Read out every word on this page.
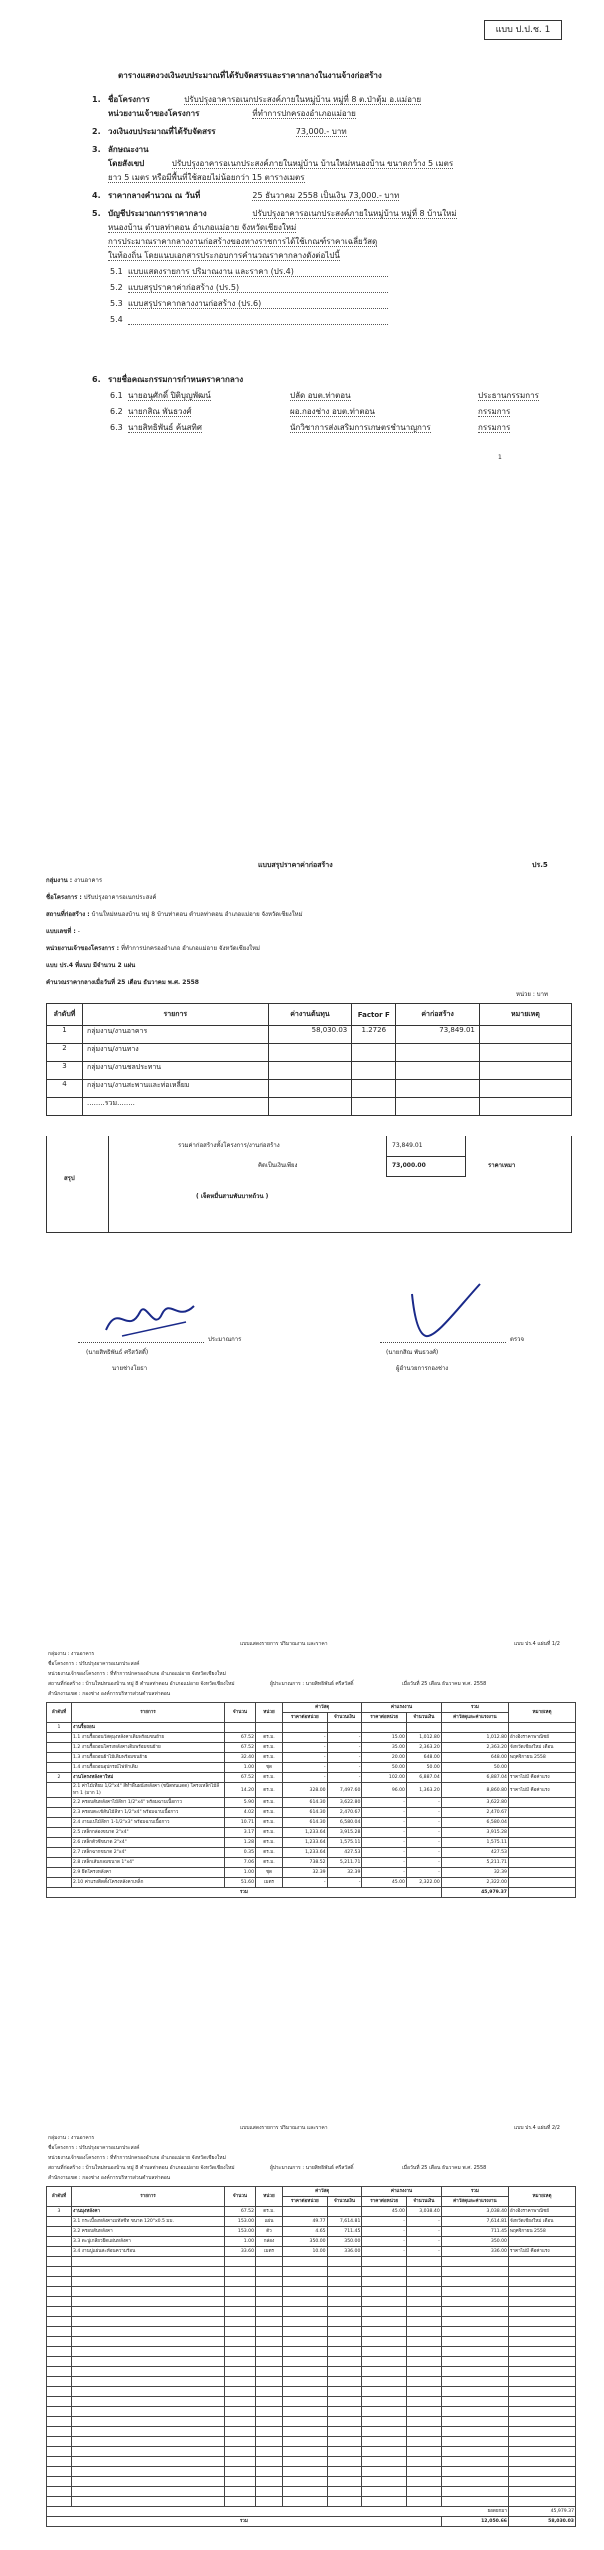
แบบ ป.ป.ช. 1
ตารางแสดงวงเงินงบประมาณที่ได้รับจัดสรรและราคากลางในงานจ้างก่อสร้าง
1. ชื่อโครงการ	ปรับปรุงอาคารอเนกประสงค์ภายในหมู่บ้าน หมู่ที่ 8 ต.ป่าตุ้ม อ.แม่อาย
หน่วยงานเจ้าของโครงการ	ที่ทำการปกครองอำเภอแม่อาย
2. วงเงินงบประมาณที่ได้รับจัดสรร	73,000.- บาท
3. ลักษณะงาน
โดยสังเขป	ปรับปรุงอาคารอเนกประสงค์ภายในหมู่บ้าน บ้านใหม่หนองบ้าน ขนาดกว้าง 5 เมตร
ยาว 5 เมตร หรือมีพื้นที่ใช้สอยไม่น้อยกว่า 15 ตารางเมตร
4. ราคากลางคำนวณ ณ วันที่	25 ธันวาคม 2558 เป็นเงิน 73,000.- บาท
5. บัญชีประมาณการราคากลาง	ปรับปรุงอาคารอเนกประสงค์ภายในหมู่บ้าน หมู่ที่ 8 บ้านใหม่
หนองบ้าน ตำบลท่าตอน อำเภอแม่อาย จังหวัดเชียงใหม่
การประมาณราคากลางงานก่อสร้างของทางราชการได้ใช้เกณฑ์ราคาเฉลี่ยวัสดุ
ในท้องถิ่น โดยแนบเอกสารประกอบการคำนวณราคากลางดังต่อไปนี้
5.1 แบบแสดงรายการ ปริมาณงาน และราคา (ปร.4)
5.2 แบบสรุปราคาค่าก่อสร้าง (ปร.5)
5.3 แบบสรุปราคากลางงานก่อสร้าง (ปร.6)
5.4

6. รายชื่อคณะกรรมการกำหนดราคากลาง
6.1 นายอนุศักดิ์ ปิติบุญพัฒน์	ปลัด อบต.ท่าตอน	ประธานกรรมการ
6.2 นายกสิณ พันธวงศ์	ผอ.กองช่าง อบต.ท่าตอน	กรรมการ
6.3 นายสิทธิพันธ์ ค้นสทิศ	นักวิชาการส่งเสริมการเกษตรชำนาญการ	กรรมการ
1
แบบสรุปราคาค่าก่อสร้าง	ปร.5
กลุ่มงาน : งานอาคาร
ชื่อโครงการ : ปรับปรุงอาคารอเนกประสงค์
สถานที่ก่อสร้าง : บ้านใหม่หนองบ้าน หมู่ 8 บ้านท่าตอน ตำบลท่าตอน อำเภอแม่อาย จังหวัดเชียงใหม่
แบบเลขที่ : -
หน่วยงานเจ้าของโครงการ : ที่ทำการปกครองอำเภอ อำเภอแม่อาย จังหวัดเชียงใหม่
แบบ ปร.4 ที่แนบ มีจำนวน 2 แผ่น
คำนวณราคากลางเมื่อวันที่ 25 เดือน ธันวาคม พ.ศ. 2558
หน่วย : บาท
ลำดับที่	รายการ	ค่างานต้นทุน	Factor F	ค่าก่อสร้าง	หมายเหตุ
1	กลุ่มงาน/งานอาคาร	58,030.03	1.2726	73,849.01	
2	กลุ่มงาน/งานทาง				
3	กลุ่มงาน/งานชลประทาน				
4	กลุ่มงาน/งานสะพานและท่อเหลี่ยม				
	........รวม........				
รวมค่าก่อสร้างทั้งโครงการ/งานก่อสร้าง	73,849.01
คิดเป็นเงินเพียง	73,000.00	ราคาเหมา
สรุป
( เจ็ดหมื่นสามพันบาทถ้วน )
ประมาณการ
(นายสิทธิพันธ์ ศรีสวัสดิ์)
นายช่างโยธา
ตรวจ
(นายกสิณ พันธวงศ์)
ผู้อำนวยการกองช่าง
แบบแสดงรายการ ปริมาณงาน และราคา	แบบ ปร.4 แผ่นที่ 1/2
กลุ่มงาน : งานอาคาร
ชื่อโครงการ : ปรับปรุงอาคารอเนกประสงค์
หน่วยงานเจ้าของโครงการ : ที่ทำการปกครองอำเภอ อำเภอแม่อาย จังหวัดเชียงใหม่
สถานที่ก่อสร้าง : บ้านใหม่หนองบ้าน หมู่ 8 ตำบลท่าตอน อำเภอแม่อาย จังหวัดเชียงใหม่	ผู้ประมาณการ : นายสิทธิพันธ์ ศรีสวัสดิ์	เมื่อวันที่ 25 เดือน ธันวาคม พ.ศ. 2558
สำนักงานเขต : กองช่าง องค์การบริหารส่วนตำบลท่าตอน
ลำดับที่	รายการ	จำนวน	หน่วย	ค่าวัสดุ		ค่าแรงงาน		รวม	หมายเหตุ
				ราคาต่อหน่วย	จำนวนเงิน	ราคาต่อหน่วย	จำนวนเงิน	ค่าวัสดุและค่าแรงงาน	
1	งานรื้อถอน								
	1.1 งานรื้อถอนวัสดุมุงหลังคาเดิมพร้อมขนย้าย	67.52	ตร.ม.	-	-	15.00	1,012.80	1,012.80	อ้างอิงราคาพาณิชย์
	1.2 งานรื้อถอนโครงหลังคาเดิมพร้อมขนย้าย	67.52	ตร.ม.	-	-	35.00	2,363.20	2,363.20	จังหวัดเชียงใหม่ เดือน
	1.3 งานรื้อถอนฝ้าไม้เดิมพร้อมขนย้าย	32.40	ตร.ม.	-	-	20.00	648.00	648.00	พฤศจิกายน 2558
	1.4 งานรื้อถอนอุปกรณ์ไฟฟ้าเดิม	1.00	ชุด	-	-	50.00	50.00	50.00	
2	งานโครงหลังคาใหม่	67.52	ตร.ม.	-	-	102.00	6,887.04	6,887.04	ราคาไม่มี คือค่าแรง
	2.1 ค่าไม้เทียม 1/2"x4" สีทำพื้นผนังหลังคา (ชนิดทนแดด) โครงเหล็กไม้ลีหา 1 (มาก 1)	14.20	ตร.ม.	328.00	7,497.60	96.00	1,363.20	8,860.80	ราคาไม่มี คือค่าแรง
	2.2 ครอบสันหลังคาไม้ลีหา 1/2"x4" พร้อมฉาบเนื้อกาว	5.90	ตร.ม.	614.30	3,622.80	-	-	3,622.80	
	2.3 ครอบตะเข้สันไม้ลีหา 1/2"x4" พร้อมฉาบเนื้อกาว	4.02	ตร.ม.	614.30	2,470.67	-	-	2,470.67	
	2.4 งานแปไม้ลีหา 1-1/2"x3" พร้อมฉาบเนื้อกาว	10.71	ตร.ม.	614.30	6,580.04	-	-	6,580.04	
	2.5 เหล็กกล่องขนาด 2"x4"	3.17	ตร.ม.	1,233.64	3,915.28	-	-	3,915.28	
	2.6 เหล็กตัวซีขนาด 2"x4"	1.28	ตร.ม.	1,233.64	1,575.11	-	-	1,575.11	
	2.7 เหล็กฉากขนาด 2"x4"	0.35	ตร.ม.	1,233.64	427.53	-	-	427.53	
	2.8 เหล็กเส้นกลมขนาด 1"x4"	7.06	ตร.ม.	738.52	5,211.71	-	-	5,211.71	
	2.9 ยึดโครงหลังคา	1.00	ชุด	32.39	32.39	-	-	32.39	
	2.10 ค่าแรงติดตั้งโครงหลังคาเหล็ก	51.60	เมตร	-	-	45.00	2,322.00	2,322.00	
รวม								45,979.37	
แบบแสดงรายการ ปริมาณงาน และราคา	แบบ ปร.4 แผ่นที่ 2/2
กลุ่มงาน : งานอาคาร
ชื่อโครงการ : ปรับปรุงอาคารอเนกประสงค์
หน่วยงานเจ้าของโครงการ : ที่ทำการปกครองอำเภอ อำเภอแม่อาย จังหวัดเชียงใหม่
สถานที่ก่อสร้าง : บ้านใหม่หนองบ้าน หมู่ 8 ตำบลท่าตอน อำเภอแม่อาย จังหวัดเชียงใหม่	ผู้ประมาณการ : นายสิทธิพันธ์ ศรีสวัสดิ์	เมื่อวันที่ 25 เดือน ธันวาคม พ.ศ. 2558
สำนักงานเขต : กองช่าง องค์การบริหารส่วนตำบลท่าตอน
ลำดับที่	รายการ	จำนวน	หน่วย	ค่าวัสดุ		ค่าแรงงาน		รวม	หมายเหตุ
				ราคาต่อหน่วย	จำนวนเงิน	ราคาต่อหน่วย	จำนวนเงิน	ค่าวัสดุและค่าแรงงาน	
3	งานมุงหลังคา	67.52	ตร.ม.			45.00	3,038.40	3,038.40	อ้างอิงราคาพาณิชย์
	3.1 กระเบื้องหลังคาเมทัลชีท ขนาด 120"x0.5 มม.	153.00	แผ่น	49.77	7,614.81	-	-	7,614.81	จังหวัดเชียงใหม่ เดือน
	3.2 ครอบสันหลังคา	153.00	ตัว	4.65	711.45	-	-	711.45	พฤศจิกายน 2558
	3.3 ตะปูเกลียวยึดแผ่นหลังคา	1.00	กล่อง	350.00	350.00	-	-	350.00	
	3.4 งานปูแผ่นสะท้อนความร้อน	33.60	เมตร	10.00	336.00	-	-	336.00	ราคาไม่มี คือค่าแรง

ยอดยกมา									45,979.37
รวม								12,050.66	58,030.03
